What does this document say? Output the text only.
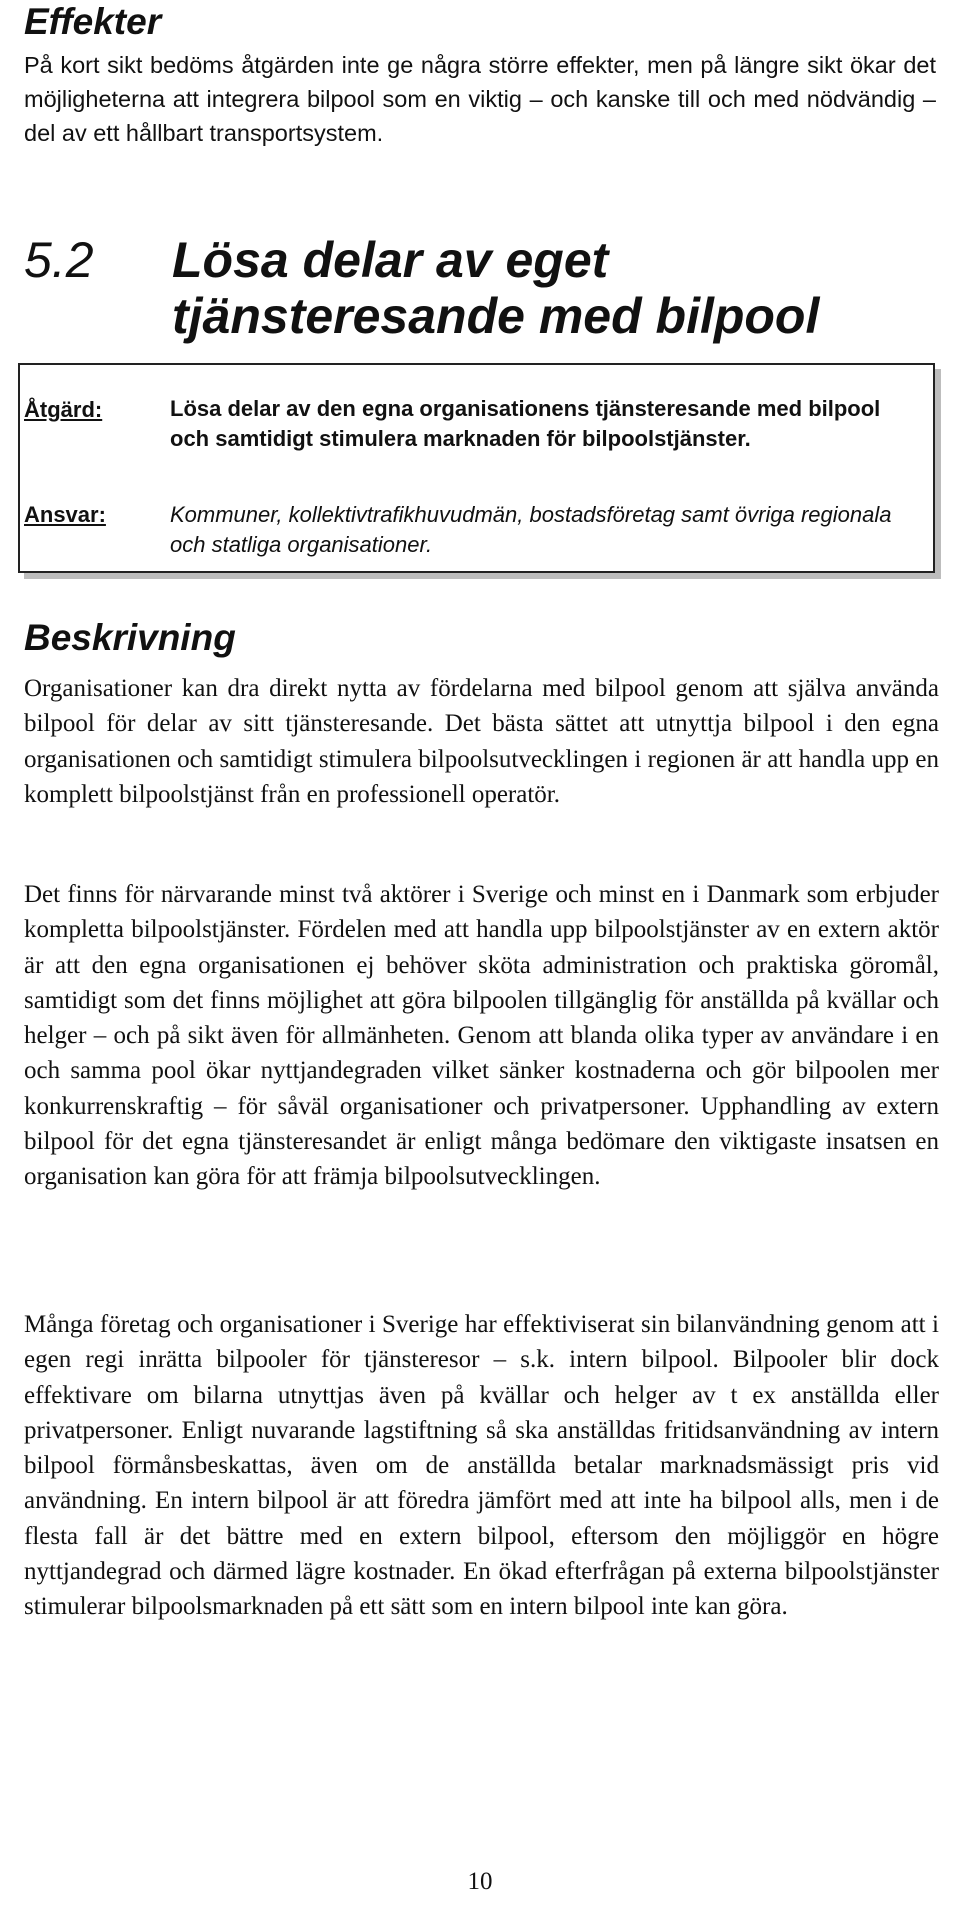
Effekter

På kort sikt bedöms åtgärden inte ge några större effekter, men på längre sikt ökar det möjligheterna att integrera bilpool som en viktig – och kanske till och med nödvändig – del av ett hållbart transportsystem.

5.2 Lösa delar av eget tjänsteresande med bilpool
Åtgärd:	Lösa delar av den egna organisationens tjänsteresande med bilpool och samtidigt stimulera marknaden för bilpoolstjänster.
Ansvar:	Kommuner, kollektivtrafikhuvudmän, bostadsföretag samt övriga regionala och statliga organisationer.
Beskrivning

Organisationer kan dra direkt nytta av fördelarna med bilpool genom att själva använda bilpool för delar av sitt tjänsteresande. Det bästa sättet att utnyttja bilpool i den egna organisationen och samtidigt stimulera bilpoolsutvecklingen i regionen är att handla upp en komplett bilpoolstjänst från en professionell operatör.

Det finns för närvarande minst två aktörer i Sverige och minst en i Danmark som erbjuder kompletta bilpoolstjänster. Fördelen med att handla upp bilpoolstjänster av en extern aktör är att den egna organisationen ej behöver sköta administration och praktiska göromål, samtidigt som det finns möjlighet att göra bilpoolen tillgänglig för anställda på kvällar och helger – och på sikt även för allmänheten. Genom att blanda olika typer av användare i en och samma pool ökar nyttjandegraden vilket sänker kostnaderna och gör bilpoolen mer konkurrenskraftig – för såväl organisationer och privatpersoner. Upphandling av extern bilpool för det egna tjänsteresandet är enligt många bedömare den viktigaste insatsen en organisation kan göra för att främja bilpoolsutvecklingen.

Många företag och organisationer i Sverige har effektiviserat sin bilanvändning genom att i egen regi inrätta bilpooler för tjänsteresor – s.k. intern bilpool. Bilpooler blir dock effektivare om bilarna utnyttjas även på kvällar och helger av t ex anställda eller privatpersoner. Enligt nuvarande lagstiftning så ska anställdas fritidsanvändning av intern bilpool förmånsbeskattas, även om de anställda betalar marknadsmässigt pris vid användning. En intern bilpool är att föredra jämfört med att inte ha bilpool alls, men i de flesta fall är det bättre med en extern bilpool, eftersom den möjliggör en högre nyttjandegrad och därmed lägre kostnader. En ökad efterfrågan på externa bilpoolstjänster stimulerar bilpoolsmarknaden på ett sätt som en intern bilpool inte kan göra.

10
